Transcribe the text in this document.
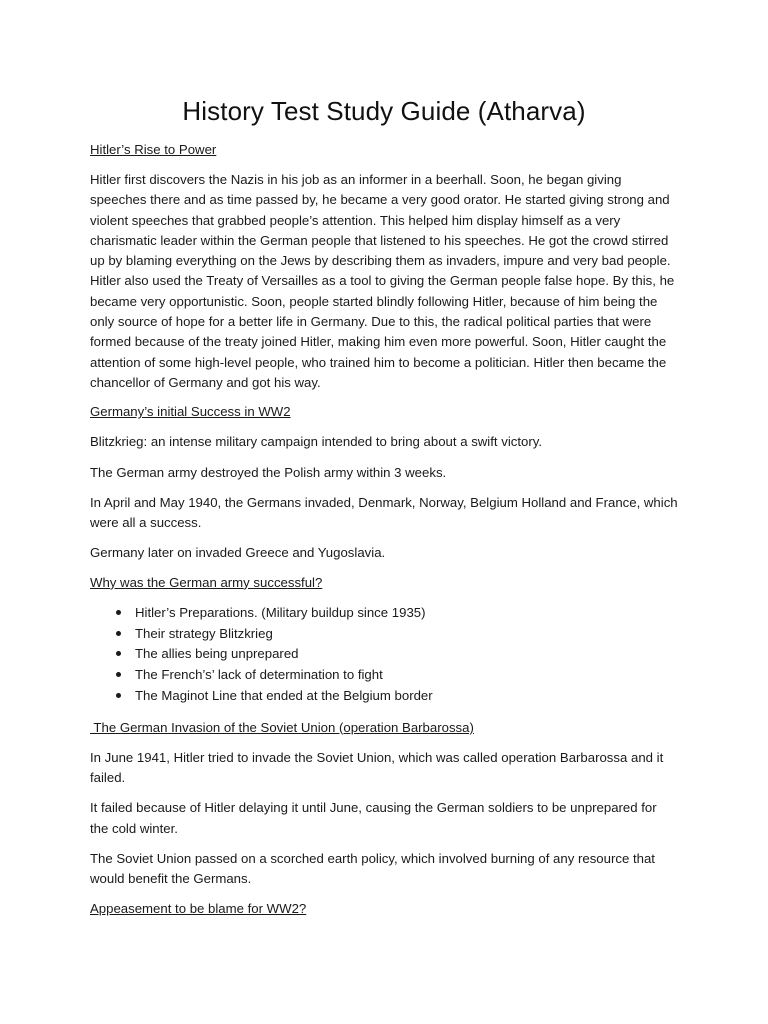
History Test Study Guide (Atharva)
Hitler’s Rise to Power

Hitler first discovers the Nazis in his job as an informer in a beerhall. Soon, he began giving speeches there and as time passed by, he became a very good orator. He started giving strong and violent speeches that grabbed people’s attention. This helped him display himself as a very charismatic leader within the German people that listened to his speeches. He got the crowd stirred up by blaming everything on the Jews by describing them as invaders, impure and very bad people. Hitler also used the Treaty of Versailles as a tool to giving the German people false hope. By this, he became very opportunistic. Soon, people started blindly following Hitler, because of him being the only source of hope for a better life in Germany. Due to this, the radical political parties that were formed because of the treaty joined Hitler, making him even more powerful. Soon, Hitler caught the attention of some high-level people, who trained him to become a politician. Hitler then became the chancellor of Germany and got his way.

Germany’s initial Success in WW2

Blitzkrieg: an intense military campaign intended to bring about a swift victory.

The German army destroyed the Polish army within 3 weeks.

In April and May 1940, the Germans invaded, Denmark, Norway, Belgium Holland and France, which were all a success.

Germany later on invaded Greece and Yugoslavia.

Why was the German army successful?
Hitler’s Preparations. (Military buildup since 1935)
Their strategy Blitzkrieg
The allies being unprepared
The French’s’ lack of determination to fight
The Maginot Line that ended at the Belgium border
The German Invasion of the Soviet Union (operation Barbarossa)

In June 1941, Hitler tried to invade the Soviet Union, which was called operation Barbarossa and it failed.

It failed because of Hitler delaying it until June, causing the German soldiers to be unprepared for the cold winter.

The Soviet Union passed on a scorched earth policy, which involved burning of any resource that would benefit the Germans.

Appeasement to be blame for WW2?
